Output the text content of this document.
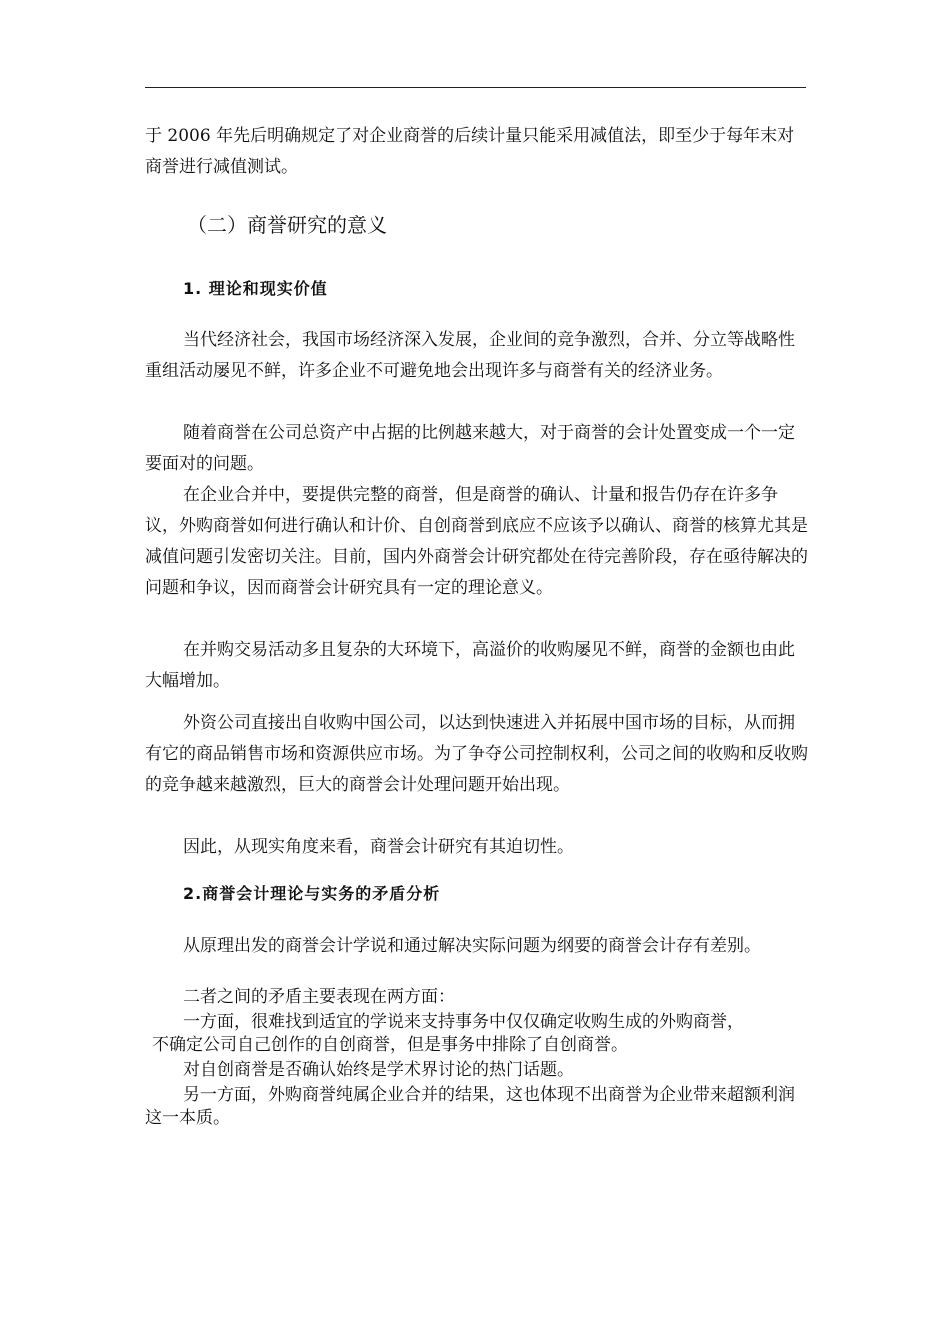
于 2006 年先后明确规定了对企业商誉的后续计量只能采用减值法，即至少于每年末对商誉进行减值测试。
（二）商誉研究的意义
1. 理论和现实价值
当代经济社会，我国市场经济深入发展，企业间的竞争激烈，合并、分立等战略性重组活动屡见不鲜，许多企业不可避免地会出现许多与商誉有关的经济业务。
随着商誉在公司总资产中占据的比例越来越大，对于商誉的会计处置变成一个一定要面对的问题。
在企业合并中，要提供完整的商誉，但是商誉的确认、计量和报告仍存在许多争议，外购商誉如何进行确认和计价、自创商誉到底应不应该予以确认、商誉的核算尤其是减值问题引发密切关注。目前，国内外商誉会计研究都处在待完善阶段，存在亟待解决的问题和争议，因而商誉会计研究具有一定的理论意义。
在并购交易活动多且复杂的大环境下，高溢价的收购屡见不鲜，商誉的金额也由此大幅增加。
外资公司直接出自收购中国公司，以达到快速进入并拓展中国市场的目标，从而拥有它的商品销售市场和资源供应市场。为了争夺公司控制权利，公司之间的收购和反收购的竞争越来越激烈，巨大的商誉会计处理问题开始出现。
因此，从现实角度来看，商誉会计研究有其迫切性。
2.商誉会计理论与实务的矛盾分析
从原理出发的商誉会计学说和通过解决实际问题为纲要的商誉会计存有差别。
二者之间的矛盾主要表现在两方面：
一方面，很难找到适宜的学说来支持事务中仅仅确定收购生成的外购商誉，
不确定公司自己创作的自创商誉，但是事务中排除了自创商誉。
对自创商誉是否确认始终是学术界讨论的热门话题。
另一方面，外购商誉纯属企业合并的结果，这也体现不出商誉为企业带来超额利润这一本质。
